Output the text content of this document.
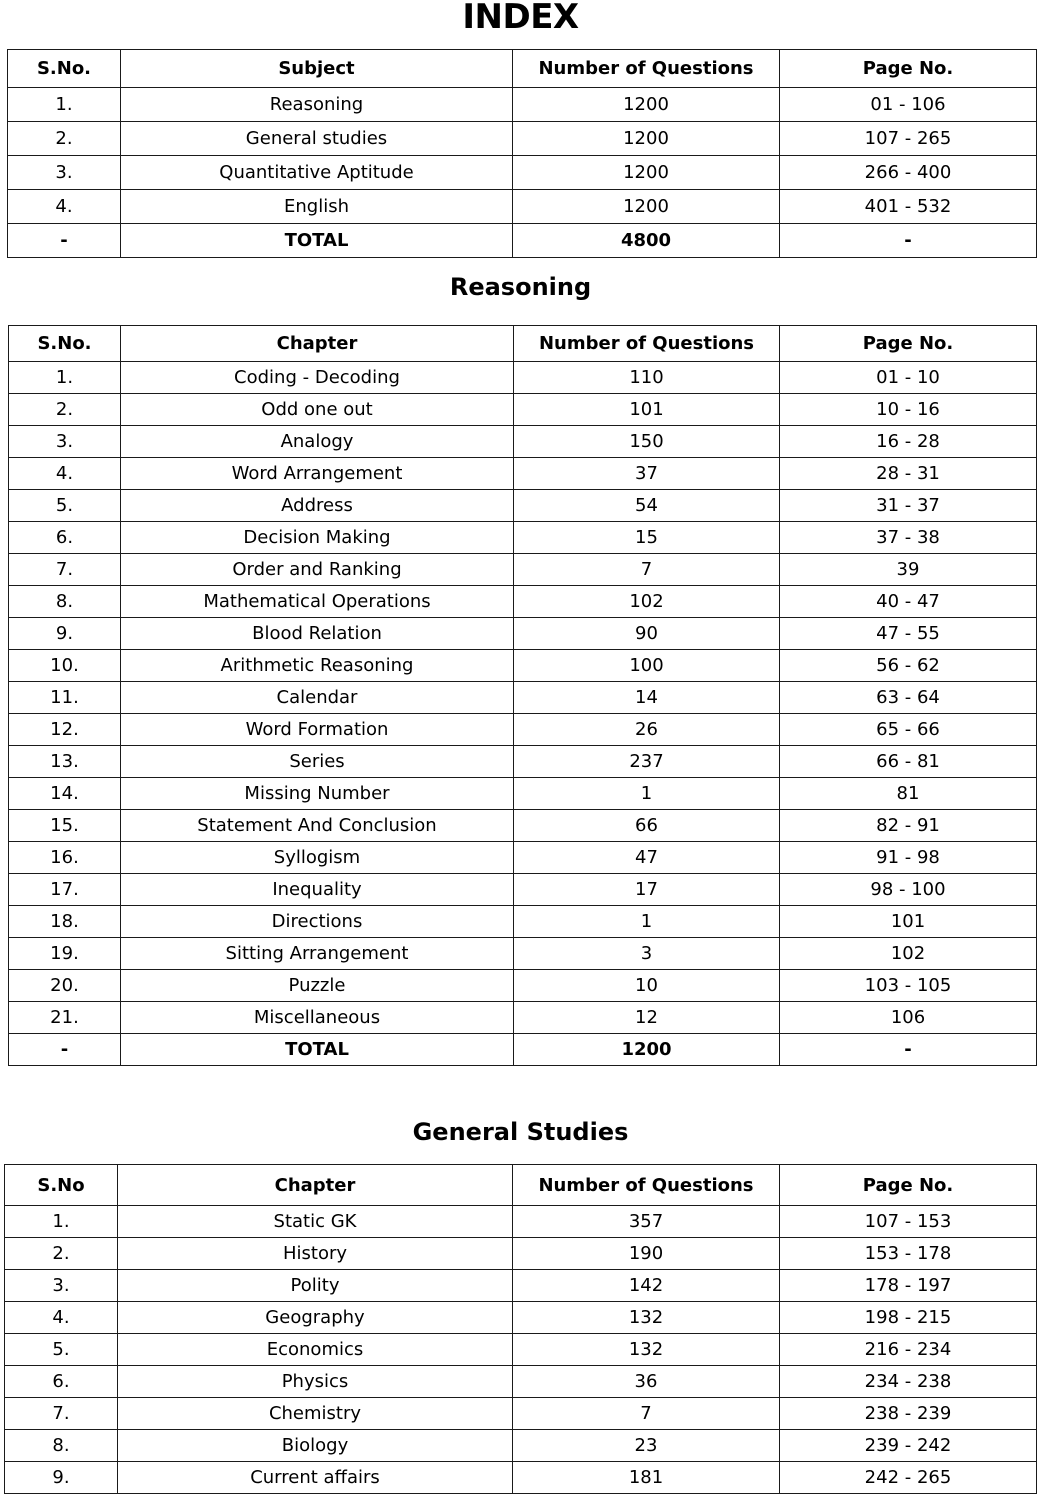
INDEX
S.No.	Subject	Number of Questions	Page No.
1.	Reasoning	1200	01 - 106
2.	General studies	1200	107 - 265
3.	Quantitative Aptitude	1200	266 - 400
4.	English	1200	401 - 532
-	TOTAL	4800	-
Reasoning
S.No.	Chapter	Number of Questions	Page No.
1.	Coding - Decoding	110	01 - 10
2.	Odd one out	101	10 - 16
3.	Analogy	150	16 - 28
4.	Word Arrangement	37	28 - 31
5.	Address	54	31 - 37
6.	Decision Making	15	37 - 38
7.	Order and Ranking	7	39
8.	Mathematical Operations	102	40 - 47
9.	Blood Relation	90	47 - 55
10.	Arithmetic Reasoning	100	56 - 62
11.	Calendar	14	63 - 64
12.	Word Formation	26	65 - 66
13.	Series	237	66 - 81
14.	Missing Number	1	81
15.	Statement And Conclusion	66	82 - 91
16.	Syllogism	47	91 - 98
17.	Inequality	17	98 - 100
18.	Directions	1	101
19.	Sitting Arrangement	3	102
20.	Puzzle	10	103 - 105
21.	Miscellaneous	12	106
-	TOTAL	1200	-
General Studies
S.No	Chapter	Number of Questions	Page No.
1.	Static GK	357	107 - 153
2.	History	190	153 - 178
3.	Polity	142	178 - 197
4.	Geography	132	198 - 215
5.	Economics	132	216 - 234
6.	Physics	36	234 - 238
7.	Chemistry	7	238 - 239
8.	Biology	23	239 - 242
9.	Current affairs	181	242 - 265
